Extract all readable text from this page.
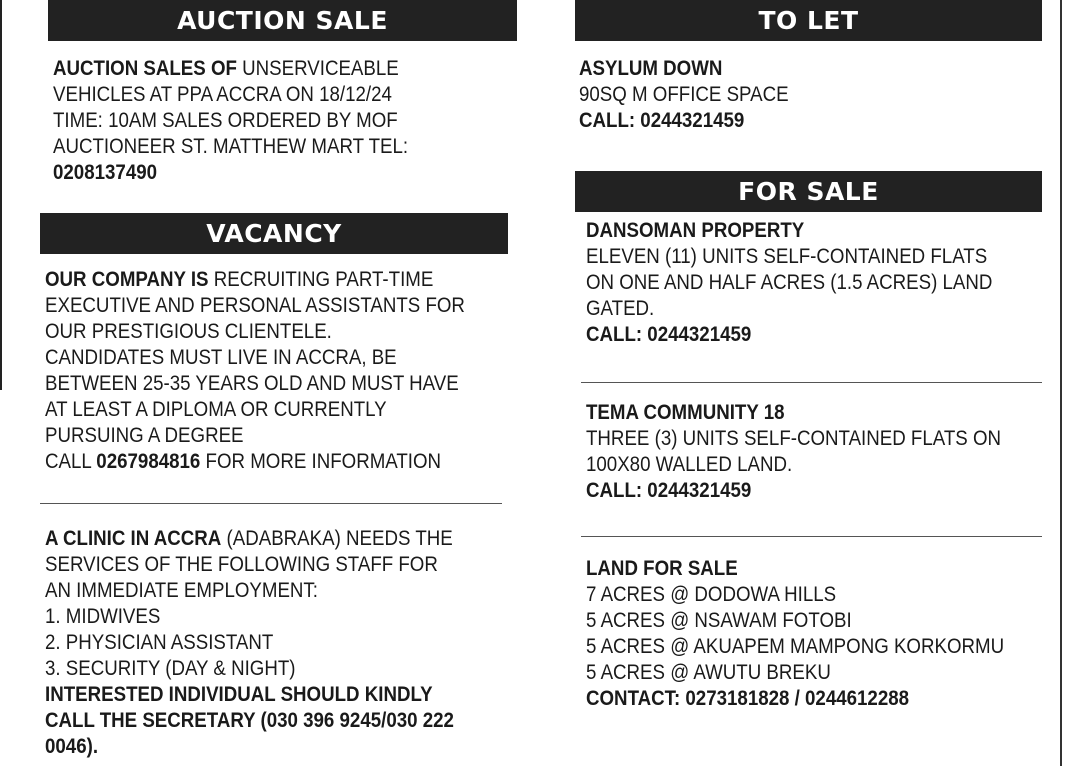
AUCTION SALE
AUCTION SALES OF UNSERVICEABLE
VEHICLES AT PPA ACCRA ON 18/12/24
TIME: 10AM SALES ORDERED BY MOF
AUCTIONEER ST. MATTHEW MART TEL:
0208137490
VACANCY
OUR COMPANY IS RECRUITING PART-TIME
EXECUTIVE AND PERSONAL ASSISTANTS FOR
OUR PRESTIGIOUS CLIENTELE.
CANDIDATES MUST LIVE IN ACCRA, BE
BETWEEN 25-35 YEARS OLD AND MUST HAVE
AT LEAST A DIPLOMA OR CURRENTLY
PURSUING A DEGREE
CALL 0267984816 FOR MORE INFORMATION
A CLINIC IN ACCRA (ADABRAKA) NEEDS THE
SERVICES OF THE FOLLOWING STAFF FOR
AN IMMEDIATE EMPLOYMENT:
1. MIDWIVES
2. PHYSICIAN ASSISTANT
3. SECURITY (DAY & NIGHT)
INTERESTED INDIVIDUAL SHOULD KINDLY
CALL THE SECRETARY (030 396 9245/030 222
0046).
TO LET
ASYLUM DOWN
90SQ M OFFICE SPACE
CALL: 0244321459
FOR SALE
DANSOMAN PROPERTY
ELEVEN (11) UNITS SELF-CONTAINED FLATS
ON ONE AND HALF ACRES (1.5 ACRES) LAND
GATED.
CALL: 0244321459
TEMA COMMUNITY 18
THREE (3) UNITS SELF-CONTAINED FLATS ON
100X80 WALLED LAND.
CALL: 0244321459
LAND FOR SALE
7 ACRES @ DODOWA HILLS
5 ACRES @ NSAWAM FOTOBI
5 ACRES @ AKUAPEM MAMPONG KORKORMU
5 ACRES @ AWUTU BREKU
CONTACT: 0273181828 / 0244612288
